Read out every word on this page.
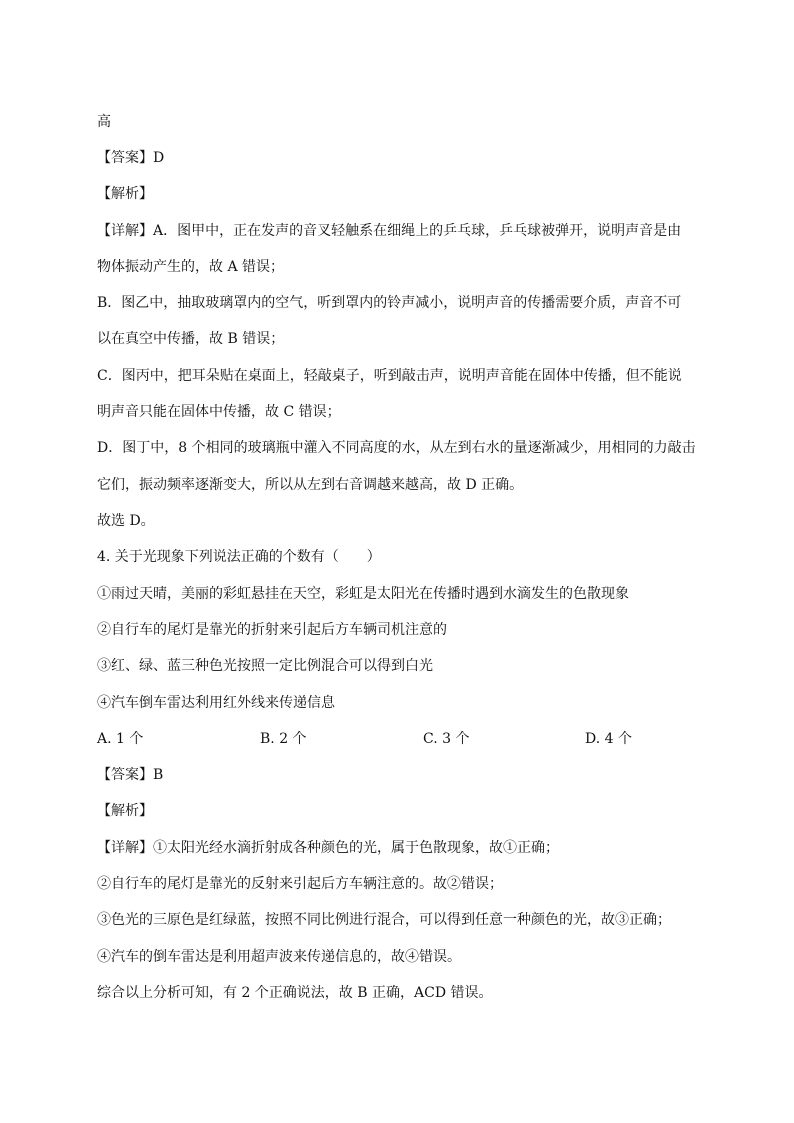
高
【答案】D
【解析】
【详解】A．图甲中，正在发声的音叉轻触系在细绳上的乒乓球，乒乓球被弹开，说明声音是由
物体振动产生的，故 A 错误；
B．图乙中，抽取玻璃罩内的空气，听到罩内的铃声减小，说明声音的传播需要介质，声音不可
以在真空中传播，故 B 错误；
C．图丙中，把耳朵贴在桌面上，轻敲桌子，听到敲击声，说明声音能在固体中传播，但不能说
明声音只能在固体中传播，故 C 错误；
D．图丁中，8 个相同的玻璃瓶中灌入不同高度的水，从左到右水的量逐渐减少，用相同的力敲击
它们，振动频率逐渐变大，所以从左到右音调越来越高，故 D 正确。
故选 D。
4. 关于光现象下列说法正确的个数有（　　）
①雨过天晴，美丽的彩虹悬挂在天空，彩虹是太阳光在传播时遇到水滴发生的色散现象
②自行车的尾灯是靠光的折射来引起后方车辆司机注意的
③红、绿、蓝三种色光按照一定比例混合可以得到白光
④汽车倒车雷达利用红外线来传递信息
A. 1 个	B. 2 个	C. 3 个	D. 4 个
【答案】B
【解析】
【详解】①太阳光经水滴折射成各种颜色的光，属于色散现象，故①正确；
②自行车的尾灯是靠光的反射来引起后方车辆注意的。故②错误；
③色光的三原色是红绿蓝，按照不同比例进行混合，可以得到任意一种颜色的光，故③正确；
④汽车的倒车雷达是利用超声波来传递信息的，故④错误。
综合以上分析可知，有 2 个正确说法，故 B 正确，ACD 错误。
